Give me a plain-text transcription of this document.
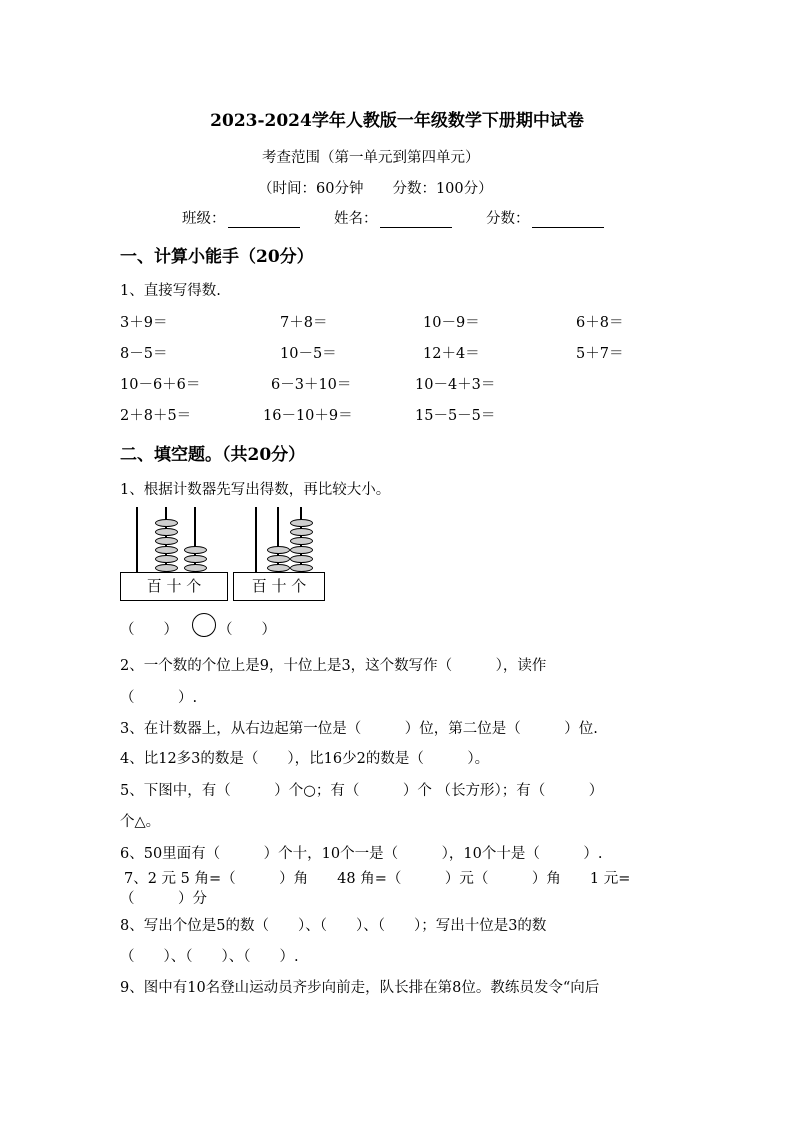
2023-2024学年人教版一年级数学下册期中试卷
考查范围（第一单元到第四单元）
（时间：60分钟　　分数：100分）
班级：	姓名：	分数：
一、计算小能手（20分）
1、直接写得数.
3＋9＝	7＋8＝	10－9＝	6＋8＝
8－5＝	10－5＝	12＋4＝	5＋7＝
10－6＋6＝	6－3＋10＝	10－4＋3＝
2＋8＋5＝	16－10＋9＝	15－5－5＝
二、填空题。（共20分）
1、根据计数器先写出得数，再比较大小。
百 十 个	百 十 个
（　　）	（　　）
2、一个数的个位上是9，十位上是3，这个数写作（　　　），读作
（　　　）.
3、在计数器上，从右边起第一位是（　　　）位，第二位是（　　　）位.
4、比12多3的数是（　　），比16少2的数是（　　　）。
5、下图中，有（　　　）个○；有（　　　）个 （长方形）；有（　　　）
个△。
6、50里面有（　　　）个十，10个一是（　　　），10个十是（　　　）.
7、2 元 5 角=（　　　）角　　48 角=（　　　）元（　　　）角　　1 元=
（　　　）分
8、写出个位是5的数（　　）、（　　）、（　　）；写出十位是3的数
（　　）、（　　）、（　　）.
9、图中有10名登山运动员齐步向前走，队长排在第8位。教练员发令“向后
